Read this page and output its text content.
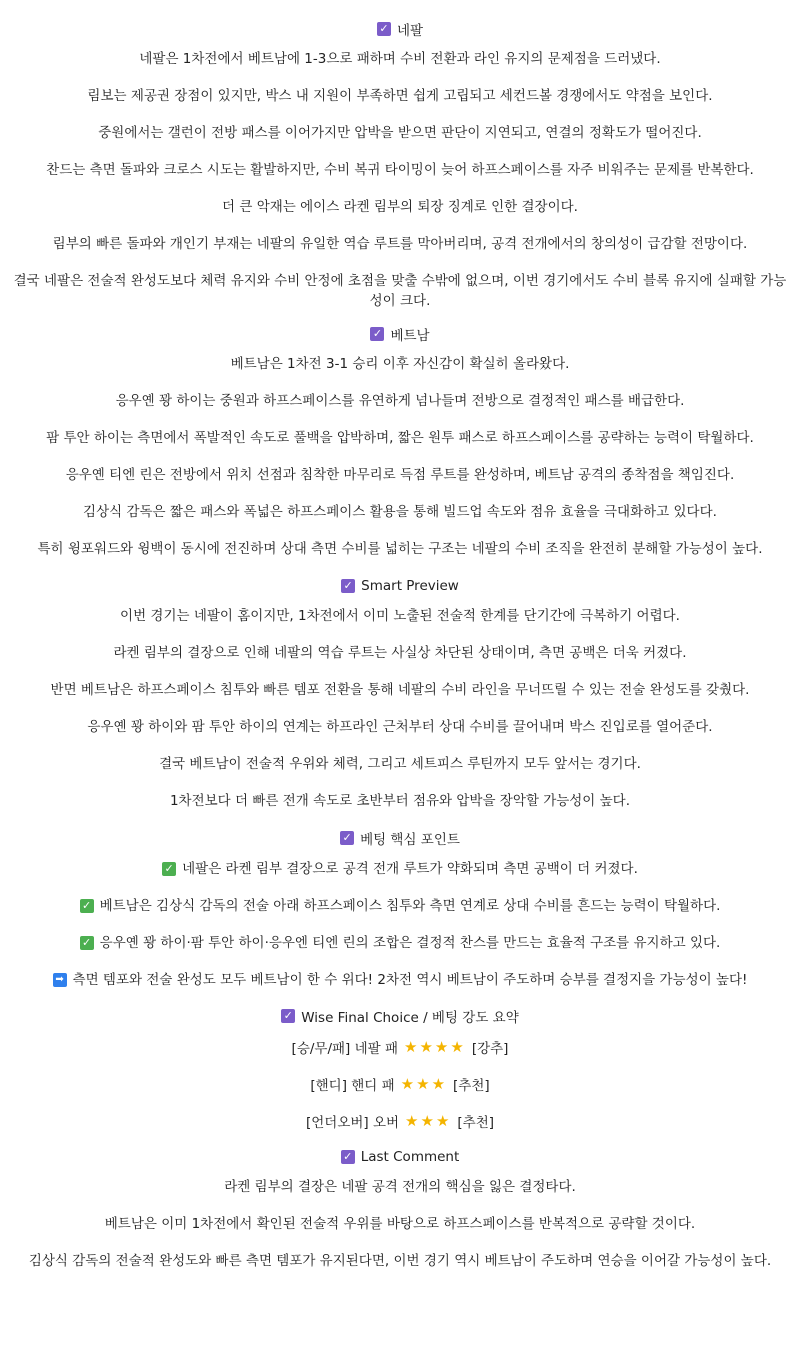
✓ 네팔
네팔은 1차전에서 베트남에 1-3으로 패하며 수비 전환과 라인 유지의 문제점을 드러냈다.
림보는 제공권 장점이 있지만, 박스 내 지원이 부족하면 쉽게 고립되고 세컨드볼 경쟁에서도 약점을 보인다.
중원에서는 갤런이 전방 패스를 이어가지만 압박을 받으면 판단이 지연되고, 연결의 정확도가 떨어진다.
찬드는 측면 돌파와 크로스 시도는 활발하지만, 수비 복귀 타이밍이 늦어 하프스페이스를 자주 비워주는 문제를 반복한다.
더 큰 악재는 에이스 라켄 림부의 퇴장 징계로 인한 결장이다.
림부의 빠른 돌파와 개인기 부재는 네팔의 유일한 역습 루트를 막아버리며, 공격 전개에서의 창의성이 급감할 전망이다.
결국 네팔은 전술적 완성도보다 체력 유지와 수비 안정에 초점을 맞출 수밖에 없으며, 이번 경기에서도 수비 블록 유지에 실패할 가능성이 크다.
✓ 베트남
베트남은 1차전 3-1 승리 이후 자신감이 확실히 올라왔다.
응우옌 꽝 하이는 중원과 하프스페이스를 유연하게 넘나들며 전방으로 결정적인 패스를 배급한다.
팜 투안 하이는 측면에서 폭발적인 속도로 풀백을 압박하며, 짧은 원투 패스로 하프스페이스를 공략하는 능력이 탁월하다.
응우옌 티엔 린은 전방에서 위치 선점과 침착한 마무리로 득점 루트를 완성하며, 베트남 공격의 종착점을 책임진다.
김상식 감독은 짧은 패스와 폭넓은 하프스페이스 활용을 통해 빌드업 속도와 점유 효율을 극대화하고 있다다.
특히 윙포워드와 윙백이 동시에 전진하며 상대 측면 수비를 넓히는 구조는 네팔의 수비 조직을 완전히 분해할 가능성이 높다.
✓ Smart Preview
이번 경기는 네팔이 홈이지만, 1차전에서 이미 노출된 전술적 한계를 단기간에 극복하기 어렵다.
라켄 림부의 결장으로 인해 네팔의 역습 루트는 사실상 차단된 상태이며, 측면 공백은 더욱 커졌다.
반면 베트남은 하프스페이스 침투와 빠른 템포 전환을 통해 네팔의 수비 라인을 무너뜨릴 수 있는 전술 완성도를 갖췄다.
응우옌 꽝 하이와 팜 투안 하이의 연계는 하프라인 근처부터 상대 수비를 끌어내며 박스 진입로를 열어준다.
결국 베트남이 전술적 우위와 체력, 그리고 세트피스 루틴까지 모두 앞서는 경기다.
1차전보다 더 빠른 전개 속도로 초반부터 점유와 압박을 장악할 가능성이 높다.
✓ 베팅 핵심 포인트
✓ 네팔은 라켄 림부 결장으로 공격 전개 루트가 약화되며 측면 공백이 더 커졌다.
✓ 베트남은 김상식 감독의 전술 아래 하프스페이스 침투와 측면 연계로 상대 수비를 흔드는 능력이 탁월하다.
✓ 응우옌 꽝 하이·팜 투안 하이·응우엔 티엔 린의 조합은 결정적 찬스를 만드는 효율적 구조를 유지하고 있다.
➡ 측면 템포와 전술 완성도 모두 베트남이 한 수 위다! 2차전 역시 베트남이 주도하며 승부를 결정지을 가능성이 높다!
✓ Wise Final Choice / 베팅 강도 요약
[승/무/패] 네팔 패 ★★★★ [강추]
[핸디] 핸디 패 ★★★ [추천]
[언더오버] 오버 ★★★ [추천]
✓ Last Comment
라켄 림부의 결장은 네팔 공격 전개의 핵심을 잃은 결정타다.
베트남은 이미 1차전에서 확인된 전술적 우위를 바탕으로 하프스페이스를 반복적으로 공략할 것이다.
김상식 감독의 전술적 완성도와 빠른 측면 템포가 유지된다면, 이번 경기 역시 베트남이 주도하며 연승을 이어갈 가능성이 높다.
